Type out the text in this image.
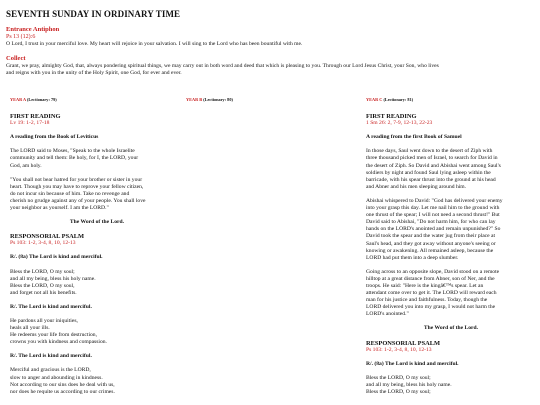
SEVENTH SUNDAY IN ORDINARY TIME
Entrance Antiphon
Ps 13 (12):6
O Lord, I trust in your merciful love. My heart will rejoice in your salvation. I will sing to the Lord who has been bountiful with me.
Collect
Grant, we pray, almighty God, that, always pondering spiritual things, we may carry out in both word and deed that which is pleasing to you. Through our Lord Jesus Christ, your Son, who lives
and reigns with you in the unity of the Holy Spirit, one God, for ever and ever.
YEAR A (Lectionary: 79)
FIRST READING
Lv 19: 1-2, 17-18
A reading from the Book of Leviticus
The LORD said to Moses, "Speak to the whole Israelite
community and tell them: Be holy, for I, the LORD, your
God, am holy.
"You shall not bear hatred for your brother or sister in your
heart. Though you may have to reprove your fellow citizen,
do not incur sin because of him. Take no revenge and
cherish no grudge against any of your people. You shall love
your neighbor as yourself. I am the LORD."
The Word of the Lord.
RESPONSORIAL PSALM
Ps 103: 1-2, 3-4, 8, 10, 12-13
R/. (8a) The Lord is kind and merciful.
Bless the LORD, O my soul;
and all my being, bless his holy name.
Bless the LORD, O my soul,
and forget not all his benefits.
R/. The Lord is kind and merciful.
He pardons all your iniquities,
heals all your ills.
He redeems your life from destruction,
crowns you with kindness and compassion.
R/. The Lord is kind and merciful.
Merciful and gracious is the LORD,
slow to anger and abounding in kindness.
Not according to our sins does he deal with us,
nor does he requite us according to our crimes.
YEAR B (Lectionary: 80)	YEAR C (Lectionary: 81)
FIRST READING
1 Sm 26: 2, 7-9, 12-13, 22-23
A reading from the first Book of Samuel
In those days, Saul went down to the desert of Ziph with
three thousand picked men of Israel, to search for David in
the desert of Ziph. So David and Abishai went among Saul's
soldiers by night and found Saul lying asleep within the
barricade, with his spear thrust into the ground at his head
and Abner and his men sleeping around him.
Abishai whispered to David: "God has delivered your enemy
into your grasp this day. Let me nail him to the ground with
one thrust of the spear; I will not need a second thrust!" But
David said to Abishai, "Do not harm him, for who can lay
hands on the LORD's anointed and remain unpunished?" So
David took the spear and the water jug from their place at
Saul's head, and they got away without anyone's seeing or
knowing or awakening. All remained asleep, because the
LORD had put them into a deep slumber.
Going across to an opposite slope, David stood on a remote
hilltop at a great distance from Abner, son of Ner, and the
troops. He said: "Here is the kingâ€™s spear. Let an
attendant come over to get it. The LORD will reward each
man for his justice and faithfulness. Today, though the
LORD delivered you into my grasp, I would not harm the
LORD's anointed."
The Word of the Lord.
RESPONSORIAL PSALM
Ps 103: 1-2, 3-4, 8, 10, 12-13
R/. (8a) The Lord is kind and merciful.
Bless the LORD, O my soul;
and all my being, bless his holy name.
Bless the LORD, O my soul;
